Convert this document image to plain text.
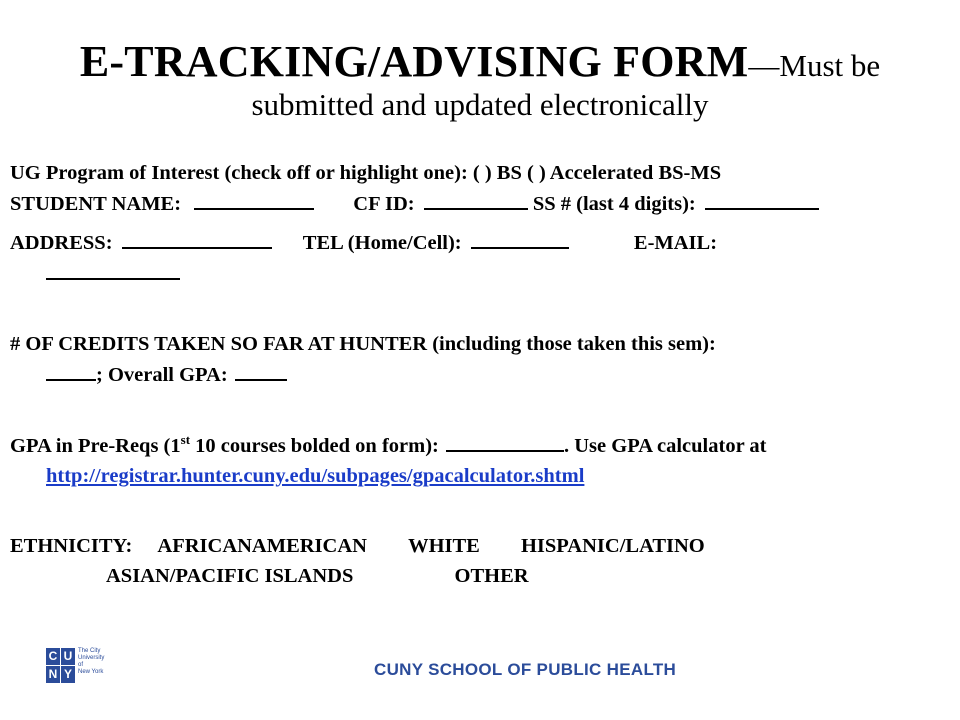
E-TRACKING/ADVISING FORM—Must be
submitted and updated electronically

UG Program of Interest (check off or highlight one): ( ) BS ( ) Accelerated BS-MS

STUDENT NAME:	CF ID:	SS # (last 4 digits):

ADDRESS:	TEL (Home/Cell):	E-MAIL:

# OF CREDITS TAKEN SO FAR AT HUNTER (including those taken this sem):
; Overall GPA:

GPA in Pre-Reqs (1st 10 courses bolded on form):	. Use GPA calculator at http://registrar.hunter.cuny.edu/subpages/gpacalculator.shtml

ETHNICITY: AFRICANAMERICAN WHITE HISPANIC/LATINO
ASIAN/PACIFIC ISLANDS	OTHER

C U
N Y
The City
University
of
New York	CUNY SCHOOL OF PUBLIC HEALTH
